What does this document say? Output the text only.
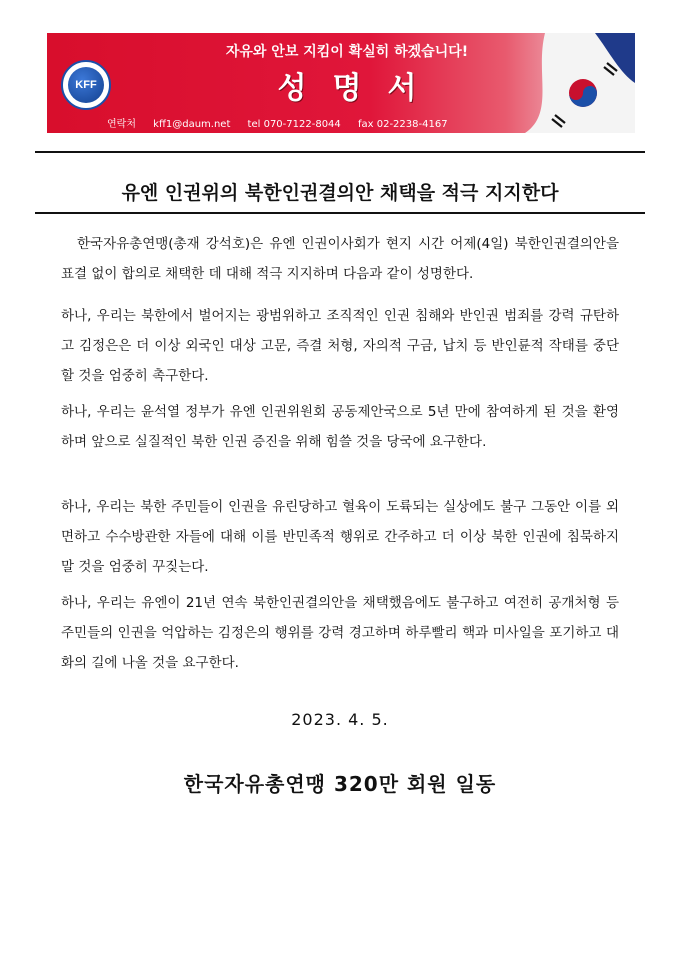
KFF
자유와 안보 지킴이 확실히 하겠습니다!
성명서
연락처 kff1@daum.net tel 070-7122-8044 fax 02-2238-4167
유엔 인권위의 북한인권결의안 채택을 적극 지지한다

한국자유총연맹(총재 강석호)은 유엔 인권이사회가 현지 시간 어제(4일) 북한인권결의안을 표결 없이 합의로 채택한 데 대해 적극 지지하며 다음과 같이 성명한다.

하나, 우리는 북한에서 벌어지는 광범위하고 조직적인 인권 침해와 반인권 범죄를 강력 규탄하고 김정은은 더 이상 외국인 대상 고문, 즉결 처형, 자의적 구금, 납치 등 반인륜적 작태를 중단할 것을 엄중히 촉구한다.

하나, 우리는 윤석열 정부가 유엔 인권위원회 공동제안국으로 5년 만에 참여하게 된 것을 환영하며 앞으로 실질적인 북한 인권 증진을 위해 힘쓸 것을 당국에 요구한다.

하나, 우리는 북한 주민들이 인권을 유린당하고 혈육이 도륙되는 실상에도 불구 그동안 이를 외면하고 수수방관한 자들에 대해 이를 반민족적 행위로 간주하고 더 이상 북한 인권에 침묵하지 말 것을 엄중히 꾸짖는다.

하나, 우리는 유엔이 21년 연속 북한인권결의안을 채택했음에도 불구하고 여전히 공개처형 등 주민들의 인권을 억압하는 김정은의 행위를 강력 경고하며 하루빨리 핵과 미사일을 포기하고 대화의 길에 나올 것을 요구한다.

2023. 4. 5.
한국자유총연맹 320만 회원 일동
